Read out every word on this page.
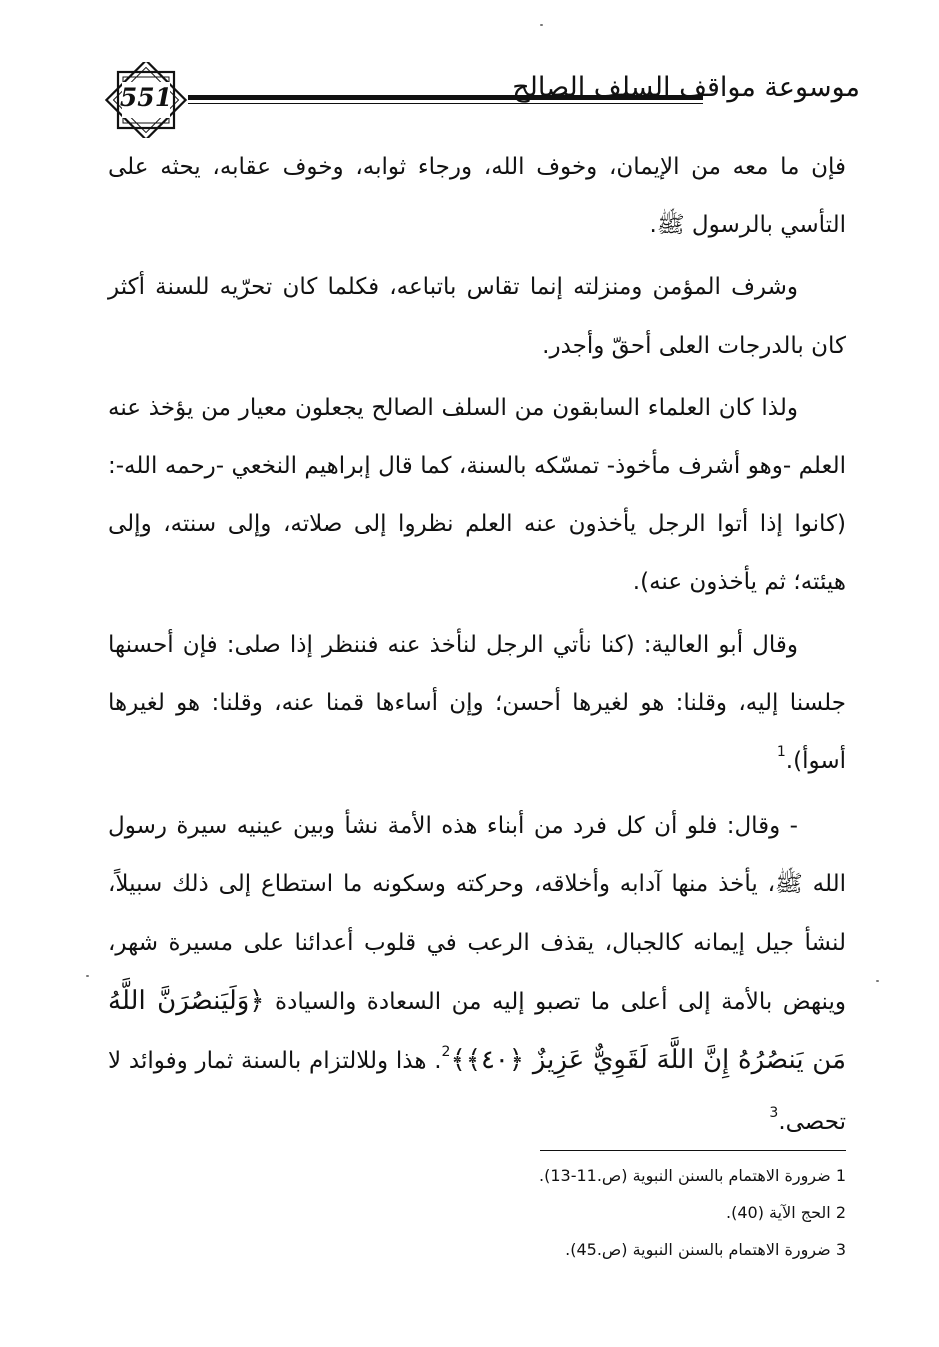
551	موسوعة مواقف السلف الصالح

فإن ما معه من الإيمان، وخوف الله، ورجاء ثوابه، وخوف عقابه، يحثه على التأسي بالرسول ﷺ.

وشرف المؤمن ومنزلته إنما تقاس باتباعه، فكلما كان تحرّيه للسنة أكثر كان بالدرجات العلى أحقّ وأجدر.

ولذا كان العلماء السابقون من السلف الصالح يجعلون معيار من يؤخذ عنه العلم -وهو أشرف مأخوذ- تمسّكه بالسنة، كما قال إبراهيم النخعي -رحمه الله-: (كانوا إذا أتوا الرجل يأخذون عنه العلم نظروا إلى صلاته، وإلى سنته، وإلى هيئته؛ ثم يأخذون عنه).

وقال أبو العالية: (كنا نأتي الرجل لنأخذ عنه فننظر إذا صلى: فإن أحسنها جلسنا إليه، وقلنا: هو لغيرها أحسن؛ وإن أساءها قمنا عنه، وقلنا: هو لغيرها أسوأ).$^1$

- وقال: فلو أن كل فرد من أبناء هذه الأمة نشأ وبين عينيه سيرة رسول الله ﷺ، يأخذ منها آدابه وأخلاقه، وحركته وسكونه ما استطاع إلى ذلك سبيلاً، لنشأ جيل إيمانه كالجبال، يقذف الرعب في قلوب أعدائنا على مسيرة شهر، وينهض بالأمة إلى أعلى ما تصبو إليه من السعادة والسيادة ﴿وَلَيَنصُرَنَّ اللَّهُ مَن يَنصُرُهُ إِنَّ اللَّهَ لَقَوِيٌّ عَزِيزٌ ﴿٤٠﴾﴾$^2$. هذا وللالتزام بالسنة ثمار وفوائد لا تحصى.$^3$

1 ضرورة الاهتمام بالسنن النبوية (ص.11-13).
2 الحج الآية (40).
3 ضرورة الاهتمام بالسنن النبوية (ص.45).
